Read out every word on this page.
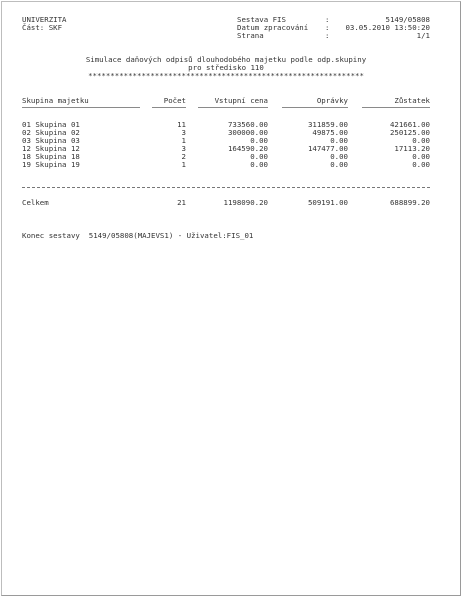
UNIVERZITA
Část: SKF
Sestava FIS	:	5149/05808
Datum zpracování :	03.05.2010 13:50:20
Strana	:	1/1
Simulace daňových odpisů dlouhodobého majetku podle odp.skupiny
pro středisko 110
**************************************************************
Skupina majetku	Počet	Vstupní cena	Oprávky	Zůstatek
01 Skupina 01	11	733560.00	311859.00	421661.00
02 Skupina 02	3	300000.00	49875.00	250125.00
03 Skupina 03	1	0.00	0.00	0.00
12 Skupina 12	3	164590.20	147477.00	17113.20
18 Skupina 18	2	0.00	0.00	0.00
19 Skupina 19	1	0.00	0.00	0.00
Celkem	21	1198090.20	509191.00	688899.20
Konec sestavy  5149/05808(MAJEVS1) - Uživatel:FIS_01
